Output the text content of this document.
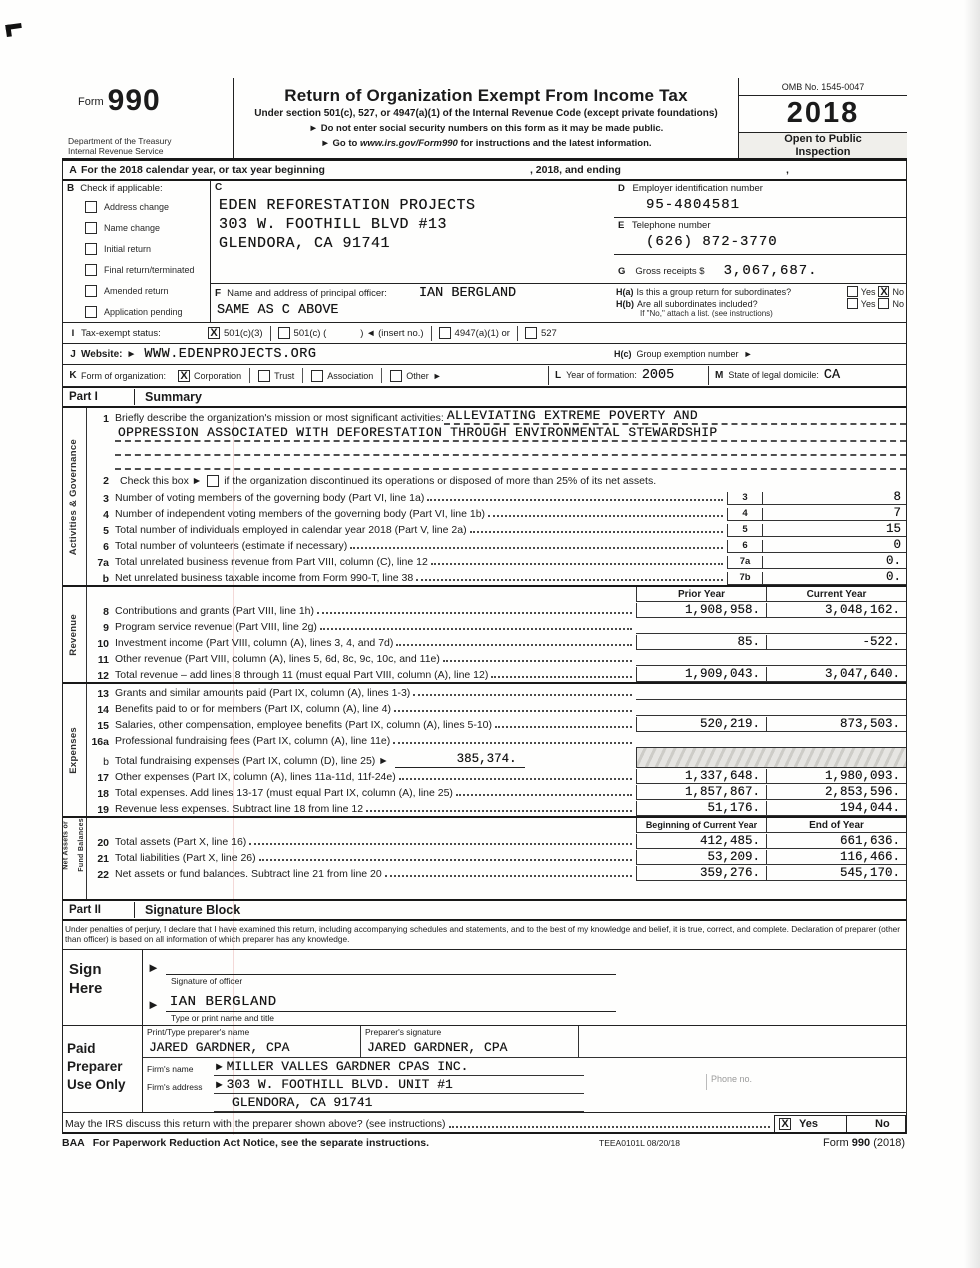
Form 990
Department of the Treasury
Internal Revenue Service
Return of Organization Exempt From Income Tax
Under section 501(c), 527, or 4947(a)(1) of the Internal Revenue Code (except private foundations)
► Do not enter social security numbers on this form as it may be made public.
► Go to www.irs.gov/Form990 for instructions and the latest information.
OMB No. 1545-0047
2018
Open to Public
Inspection
A For the 2018 calendar year, or tax year beginning	, 2018, and ending	,
B Check if applicable:
Address change
Name change
Initial return
Final return/terminated
Amended return
Application pending
C
EDEN REFORESTATION PROJECTS
303 W. FOOTHILL BLVD #13
GLENDORA, CA 91741
D Employer identification number
95-4804581
E Telephone number
(626) 872-3770
G Gross receipts $ 3,067,687.
F Name and address of principal officer: IAN BERGLAND
SAME AS C ABOVE
H(a) Is this a group return for subordinates?	Yes X No
H(b) Are all subordinates included?	Yes No
If "No," attach a list. (see instructions)
I Tax-exempt status: X	501(c)(3)	501(c) (	) ◄ (insert no.)	4947(a)(1) or	527
J Website: ► WWW.EDENPROJECTS.ORG	H(c) Group exemption number ►
K Form of organization: X	Corporation	Trust	Association	Other ►	L Year of formation: 2005	M State of legal domicile: CA
Part I	Summary
Activities & Governance
1 Briefly describe the organization's mission or most significant activities: ALLEVIATING EXTREME POVERTY AND
OPPRESSION ASSOCIATED WITH DEFORESTATION THROUGH ENVIRONMENTAL STEWARDSHIP
2	Check this box ► if the organization discontinued its operations or disposed of more than 25% of its net assets.
3 Number of voting members of the governing body (Part VI, line 1a)	3	8
4 Number of independent voting members of the governing body (Part VI, line 1b)	4	7
5 Total number of individuals employed in calendar year 2018 (Part V, line 2a)	5	15
6 Total number of volunteers (estimate if necessary)	6	0
7a Total unrelated business revenue from Part VIII, column (C), line 12	7a	0.
b Net unrelated business taxable income from Form 990-T, line 38	7b	0.
Revenue
Prior Year	Current Year
8 Contributions and grants (Part VIII, line 1h)	1,908,958.	3,048,162.
9 Program service revenue (Part VIII, line 2g)
10 Investment income (Part VIII, column (A), lines 3, 4, and 7d)	85.	-522.
11 Other revenue (Part VIII, column (A), lines 5, 6d, 8c, 9c, 10c, and 11e)
12 Total revenue – add lines 8 through 11 (must equal Part VIII, column (A), line 12)	1,909,043.	3,047,640.
Expenses
13 Grants and similar amounts paid (Part IX, column (A), lines 1-3)
14 Benefits paid to or for members (Part IX, column (A), line 4)
15 Salaries, other compensation, employee benefits (Part IX, column (A), lines 5-10)	520,219.	873,503.
16a Professional fundraising fees (Part IX, column (A), line 11e)
b Total fundraising expenses (Part IX, column (D), line 25) ►	385,374.
17 Other expenses (Part IX, column (A), lines 11a-11d, 11f-24e)	1,337,648.	1,980,093.
18 Total expenses. Add lines 13-17 (must equal Part IX, column (A), line 25)	1,857,867.	2,853,596.
19 Revenue less expenses. Subtract line 18 from line 12	51,176.	194,044.

Net Assets or Fund Balances
	Beginning of Current Year	End of Year
20 Total assets (Part X, line 16)	412,485.	661,636.
21 Total liabilities (Part X, line 26)	53,209.	116,466.
22 Net assets or fund balances. Subtract line 21 from line 20	359,276.	545,170.
Part II	Signature Block
Under penalties of perjury, I declare that I have examined this return, including accompanying schedules and statements, and to the best of my knowledge and belief, it is true, correct, and complete. Declaration of preparer (other than officer) is based on all information of which preparer has any knowledge.
Sign
Here
►
Signature of officer
► IAN BERGLAND
Type or print name and title
Paid
Preparer
Use Only
Print/Type preparer's name
JARED GARDNER, CPA
Preparer's signature
JARED GARDNER, CPA
Firm's name	► MILLER VALLES GARDNER CPAS INC.
Firm's address	► 303 W. FOOTHILL BLVD. UNIT #1
GLENDORA, CA 91741
Phone no.
May the IRS discuss this return with the preparer shown above? (see instructions) X	Yes	No
BAA For Paperwork Reduction Act Notice, see the separate instructions.	TEEA0101L 08/20/18	Form 990 (2018)
